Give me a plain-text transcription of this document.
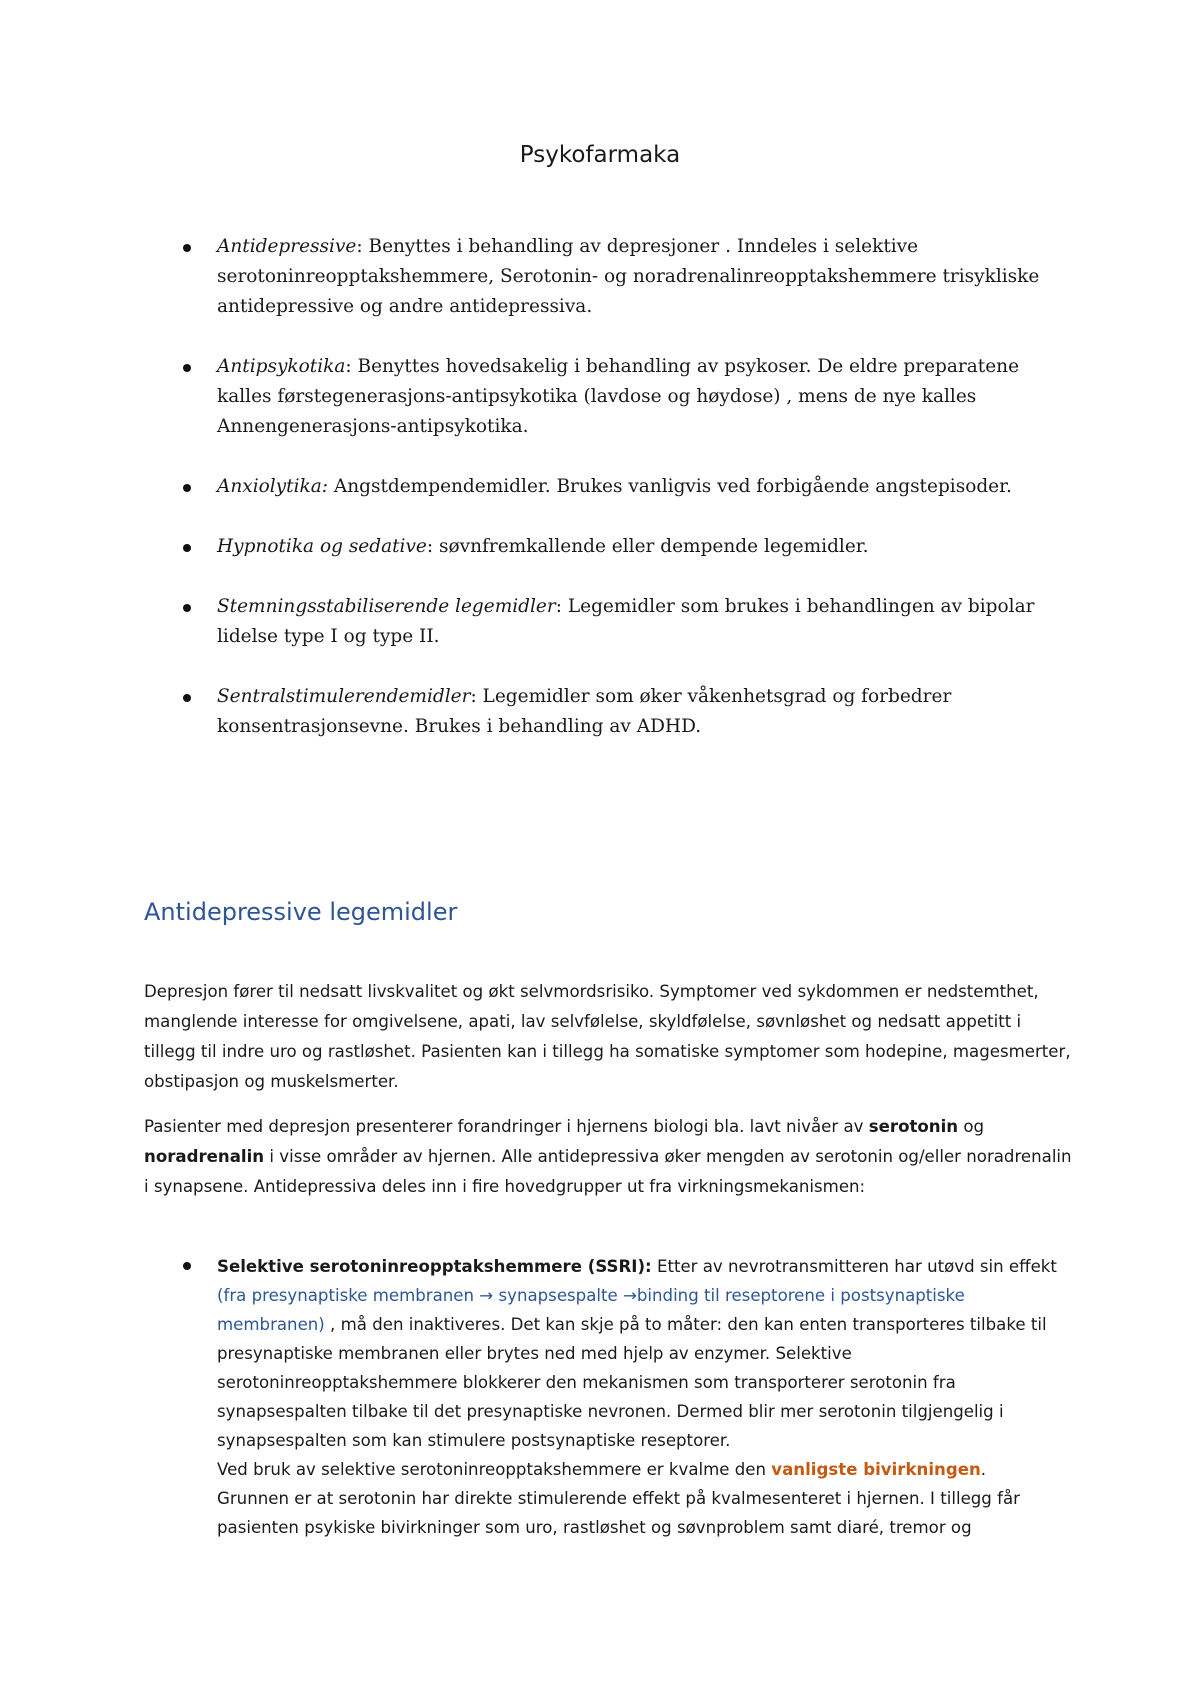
Psykofarmaka
Antidepressive: Benyttes i behandling av depresjoner . Inndeles i selektive serotoninreopptakshemmere, Serotonin- og noradrenalinreopptakshemmere trisykliske antidepressive og andre antidepressiva.
Antipsykotika: Benyttes hovedsakelig i behandling av psykoser. De eldre preparatene kalles førstegenerasjons-antipsykotika (lavdose og høydose) , mens de nye kalles Annengenerasjons-antipsykotika.
Anxiolytika: Angstdempendemidler. Brukes vanligvis ved forbigående angstepisoder.
Hypnotika og sedative: søvnfremkallende eller dempende legemidler.
Stemningsstabiliserende legemidler: Legemidler som brukes i behandlingen av bipolar lidelse type I og type II.
Sentralstimulerendemidler: Legemidler som øker våkenhetsgrad og forbedrer konsentrasjonsevne. Brukes i behandling av ADHD.
Antidepressive legemidler

Depresjon fører til nedsatt livskvalitet og økt selvmordsrisiko. Symptomer ved sykdommen er nedstemthet, manglende interesse for omgivelsene, apati, lav selvfølelse, skyldfølelse, søvnløshet og nedsatt appetitt i tillegg til indre uro og rastløshet. Pasienten kan i tillegg ha somatiske symptomer som hodepine, magesmerter, obstipasjon og muskelsmerter.

Pasienter med depresjon presenterer forandringer i hjernens biologi bla. lavt nivåer av serotonin og noradrenalin i visse områder av hjernen. Alle antidepressiva øker mengden av serotonin og/eller noradrenalin i synapsene. Antidepressiva deles inn i fire hovedgrupper ut fra virkningsmekanismen:

Selektive serotoninreopptakshemmere (SSRI): Etter av nevrotransmitteren har utøvd sin effekt (fra presynaptiske membranen → synapsespalte →binding til reseptorene i postsynaptiske membranen) , må den inaktiveres. Det kan skje på to måter: den kan enten transporteres tilbake til presynaptiske membranen eller brytes ned med hjelp av enzymer. Selektive serotoninreopptakshemmere blokkerer den mekanismen som transporterer serotonin fra synapsespalten tilbake til det presynaptiske nevronen. Dermed blir mer serotonin tilgjengelig i synapsespalten som kan stimulere postsynaptiske reseptorer.
Ved bruk av selektive serotoninreopptakshemmere er kvalme den vanligste bivirkningen.
Grunnen er at serotonin har direkte stimulerende effekt på kvalmesenteret i hjernen. I tillegg får pasienten psykiske bivirkninger som uro, rastløshet og søvnproblem samt diaré, tremor og
